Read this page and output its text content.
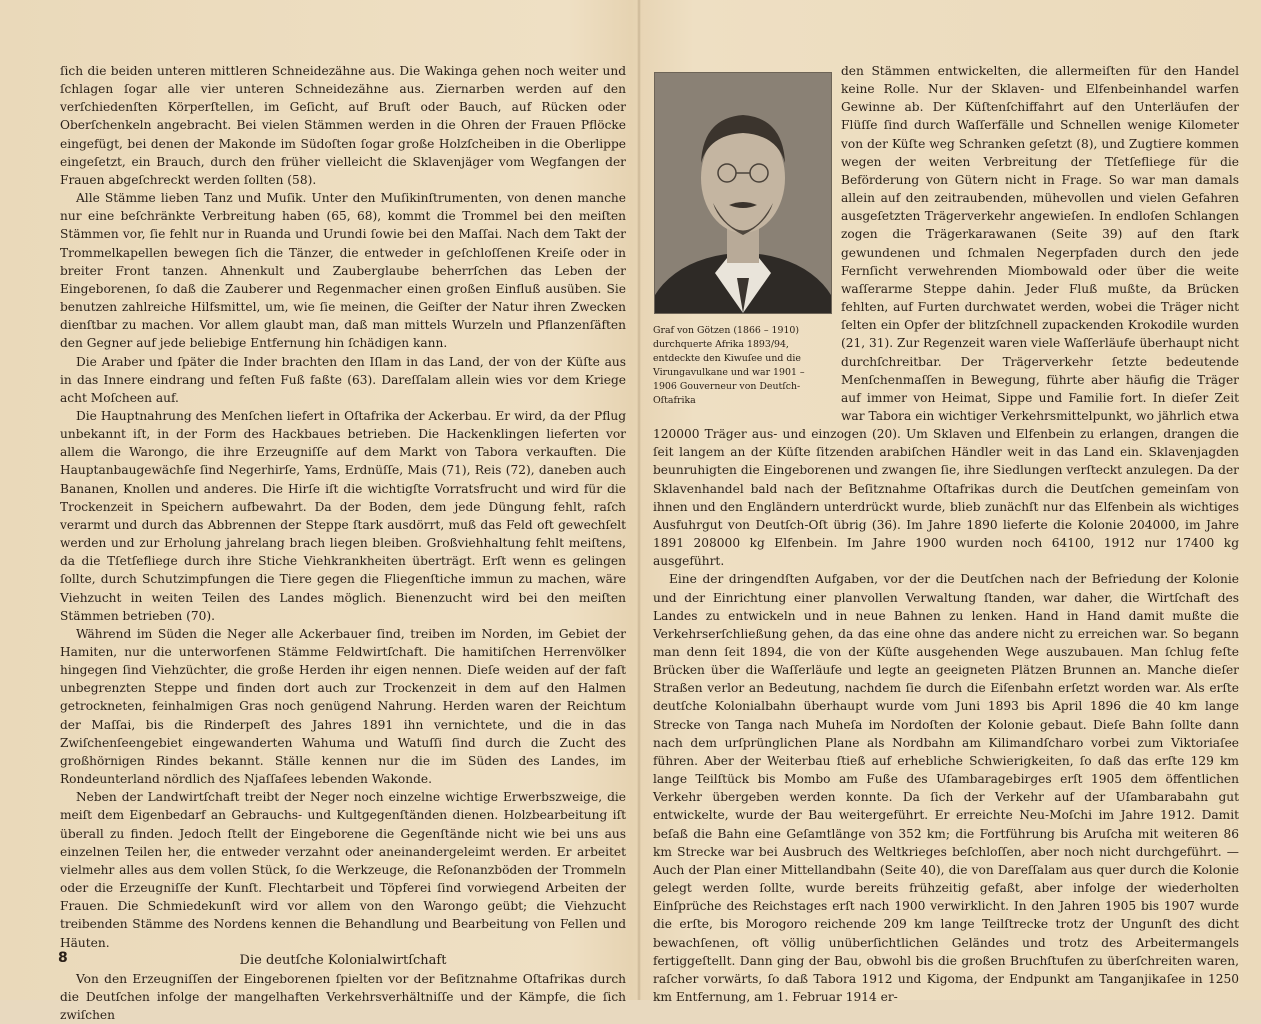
ſich die beiden unteren mittleren Schneidezähne aus. Die Wakinga gehen noch weiter und ſchlagen ſogar alle vier unteren Schneidezähne aus. Ziernarben werden auf den verſchiedenſten Körperſtellen, im Geſicht, auf Bruſt oder Bauch, auf Rücken oder Oberſchenkeln angebracht. Bei vielen Stämmen werden in die Ohren der Frauen Pflöcke eingefügt, bei denen der Makonde im Südoſten ſogar große Holzſcheiben in die Oberlippe eingeſetzt, ein Brauch, durch den früher vielleicht die Sklavenjäger vom Wegfangen der Frauen abgeſchreckt werden ſollten (58).

Alle Stämme lieben Tanz und Muſik. Unter den Muſikinſtrumenten, von denen manche nur eine beſchränkte Verbreitung haben (65, 68), kommt die Trommel bei den meiſten Stämmen vor, ſie fehlt nur in Ruanda und Urundi ſowie bei den Maſſai. Nach dem Takt der Trommelkapellen bewegen ſich die Tänzer, die entweder in geſchloſſenen Kreiſe oder in breiter Front tanzen. Ahnenkult und Zauberglaube beherrſchen das Leben der Eingeborenen, ſo daß die Zauberer und Regenmacher einen großen Einfluß ausüben. Sie benutzen zahlreiche Hilfsmittel, um, wie ſie meinen, die Geiſter der Natur ihren Zwecken dienſtbar zu machen. Vor allem glaubt man, daß man mittels Wurzeln und Pflanzenſäften den Gegner auf jede beliebige Entfernung hin ſchädigen kann.

Die Araber und ſpäter die Inder brachten den Iſlam in das Land, der von der Küſte aus in das Innere eindrang und feſten Fuß faßte (63). Dareſſalam allein wies vor dem Kriege acht Moſcheen auf.

Die Hauptnahrung des Menſchen liefert in Oſtafrika der Ackerbau. Er wird, da der Pflug unbekannt iſt, in der Form des Hackbaues betrieben. Die Hackenklingen lieferten vor allem die Warongo, die ihre Erzeugniſſe auf dem Markt von Tabora verkauften. Die Hauptanbaugewächſe ſind Negerhirſe, Yams, Erdnüſſe, Mais (71), Reis (72), daneben auch Bananen, Knollen und anderes. Die Hirſe iſt die wichtigſte Vorratsfrucht und wird für die Trockenzeit in Speichern aufbewahrt. Da der Boden, dem jede Düngung fehlt, raſch verarmt und durch das Abbrennen der Steppe ſtark ausdörrt, muß das Feld oft gewechſelt werden und zur Erholung jahrelang brach liegen bleiben. Großviehhaltung fehlt meiſtens, da die Tſetſefliege durch ihre Stiche Viehkrankheiten überträgt. Erſt wenn es gelingen ſollte, durch Schutzimpfungen die Tiere gegen die Fliegenſtiche immun zu machen, wäre Viehzucht in weiten Teilen des Landes möglich. Bienenzucht wird bei den meiſten Stämmen betrieben (70).

Während im Süden die Neger alle Ackerbauer ſind, treiben im Norden, im Gebiet der Hamiten, nur die unterworfenen Stämme Feldwirtſchaft. Die hamitiſchen Herrenvölker hingegen ſind Viehzüchter, die große Herden ihr eigen nennen. Dieſe weiden auf der faſt unbegrenzten Steppe und finden dort auch zur Trockenzeit in dem auf den Halmen getrockneten, feinhalmigen Gras noch genügend Nahrung. Herden waren der Reichtum der Maſſai, bis die Rinderpeſt des Jahres 1891 ihn vernichtete, und die in das Zwiſchenſeengebiet eingewanderten Wahuma und Watuſſi ſind durch die Zucht des großhörnigen Rindes bekannt. Ställe kennen nur die im Süden des Landes, im Rondeunterland nördlich des Njaſſaſees lebenden Wakonde.

Neben der Landwirtſchaft treibt der Neger noch einzelne wichtige Erwerbszweige, die meiſt dem Eigenbedarf an Gebrauchs- und Kultgegenſtänden dienen. Holzbearbeitung iſt überall zu finden. Jedoch ſtellt der Eingeborene die Gegenſtände nicht wie bei uns aus einzelnen Teilen her, die entweder verzahnt oder aneinandergeleimt werden. Er arbeitet vielmehr alles aus dem vollen Stück, ſo die Werkzeuge, die Reſonanzböden der Trommeln oder die Erzeugniſſe der Kunſt. Flechtarbeit und Töpferei ſind vorwiegend Arbeiten der Frauen. Die Schmiedekunſt wird vor allem von den Warongo geübt; die Viehzucht treibenden Stämme des Nordens kennen die Behandlung und Bearbeitung von Fellen und Häuten.

Die deutſche Kolonialwirtſchaft

Von den Erzeugniſſen der Eingeborenen ſpielten vor der Beſitznahme Oſtafrikas durch die Deutſchen infolge der mangelhaften Verkehrsverhältniſſe und der Kämpfe, die ſich zwiſchen

Graf von Götzen (1866 – 1910) durchquerte Afrika 1893/94, entdeckte den Kiwuſee und die Virungavulkane und war 1901 – 1906 Gouverneur von Deutſch-Oſtafrika
den Stämmen entwickelten, die allermeiſten für den Handel keine Rolle. Nur der Sklaven- und Elfenbeinhandel warfen Gewinne ab. Der Küſtenſchiffahrt auf den Unterläufen der Flüſſe ſind durch Waſſerfälle und Schnellen wenige Kilometer von der Küſte weg Schranken geſetzt (8), und Zugtiere kommen wegen der weiten Verbreitung der Tſetſefliege für die Beförderung von Gütern nicht in Frage. So war man damals allein auf den zeitraubenden, mühevollen und vielen Gefahren ausgeſetzten Trägerverkehr angewieſen. In endloſen Schlangen zogen die Trägerkarawanen (Seite 39) auf den ſtark gewundenen und ſchmalen Negerpfaden durch den jede Fernſicht verwehrenden Miombowald oder über die weite waſſerarme Steppe dahin. Jeder Fluß mußte, da Brücken fehlten, auf Furten durchwatet werden, wobei die Träger nicht ſelten ein Opfer der blitzſchnell zupackenden Krokodile wurden (21, 31). Zur Regenzeit waren viele Waſſerläufe überhaupt nicht durchſchreitbar. Der Trägerverkehr ſetzte bedeutende Menſchenmaſſen in Bewegung, führte aber häufig die Träger auf immer von Heimat, Sippe und Familie fort. In dieſer Zeit war Tabora ein wichtiger Verkehrsmittelpunkt, wo jährlich etwa 120000 Träger aus- und einzogen (20). Um Sklaven und Elfenbein zu erlangen, drangen die ſeit langem an der Küſte ſitzenden arabiſchen Händler weit in das Land ein. Sklavenjagden beunruhigten die Eingeborenen und zwangen ſie, ihre Siedlungen verſteckt anzulegen. Da der Sklavenhandel bald nach der Beſitznahme Oſtafrikas durch die Deutſchen gemeinſam von ihnen und den Engländern unterdrückt wurde, blieb zunächſt nur das Elfenbein als wichtiges Ausfuhrgut von Deutſch-Oſt übrig (36). Im Jahre 1890 lieferte die Kolonie 204000, im Jahre 1891 208000 kg Elfenbein. Im Jahre 1900 wurden noch 64100, 1912 nur 17400 kg ausgeführt.

Eine der dringendſten Aufgaben, vor der die Deutſchen nach der Befriedung der Kolonie und der Einrichtung einer planvollen Verwaltung ſtanden, war daher, die Wirtſchaft des Landes zu entwickeln und in neue Bahnen zu lenken. Hand in Hand damit mußte die Verkehrserſchließung gehen, da das eine ohne das andere nicht zu erreichen war. So begann man denn ſeit 1894, die von der Küſte ausgehenden Wege auszubauen. Man ſchlug feſte Brücken über die Waſſerläufe und legte an geeigneten Plätzen Brunnen an. Manche dieſer Straßen verlor an Bedeutung, nachdem ſie durch die Eiſenbahn erſetzt worden war. Als erſte deutſche Kolonialbahn überhaupt wurde vom Juni 1893 bis April 1896 die 40 km lange Strecke von Tanga nach Muheſa im Nordoſten der Kolonie gebaut. Dieſe Bahn ſollte dann nach dem urſprünglichen Plane als Nordbahn am Kilimandſcharo vorbei zum Viktoriaſee führen. Aber der Weiterbau ſtieß auf erhebliche Schwierigkeiten, ſo daß das erſte 129 km lange Teilſtück bis Mombo am Fuße des Uſambaragebirges erſt 1905 dem öffentlichen Verkehr übergeben werden konnte. Da ſich der Verkehr auf der Uſambarabahn gut entwickelte, wurde der Bau weitergeführt. Er erreichte Neu-Moſchi im Jahre 1912. Damit beſaß die Bahn eine Geſamtlänge von 352 km; die Fortführung bis Aruſcha mit weiteren 86 km Strecke war bei Ausbruch des Weltkrieges beſchloſſen, aber noch nicht durchgeführt. — Auch der Plan einer Mittellandbahn (Seite 40), die von Dareſſalam aus quer durch die Kolonie gelegt werden ſollte, wurde bereits frühzeitig gefaßt, aber infolge der wiederholten Einſprüche des Reichstages erſt nach 1900 verwirklicht. In den Jahren 1905 bis 1907 wurde die erſte, bis Morogoro reichende 209 km lange Teilſtrecke trotz der Ungunſt des dicht bewachſenen, oft völlig unüberſichtlichen Geländes und trotz des Arbeitermangels fertiggeſtellt. Dann ging der Bau, obwohl bis die großen Bruchſtufen zu überſchreiten waren, raſcher vorwärts, ſo daß Tabora 1912 und Kigoma, der Endpunkt am Tanganjikaſee in 1250 km Entfernung, am 1. Februar 1914 er-

8
